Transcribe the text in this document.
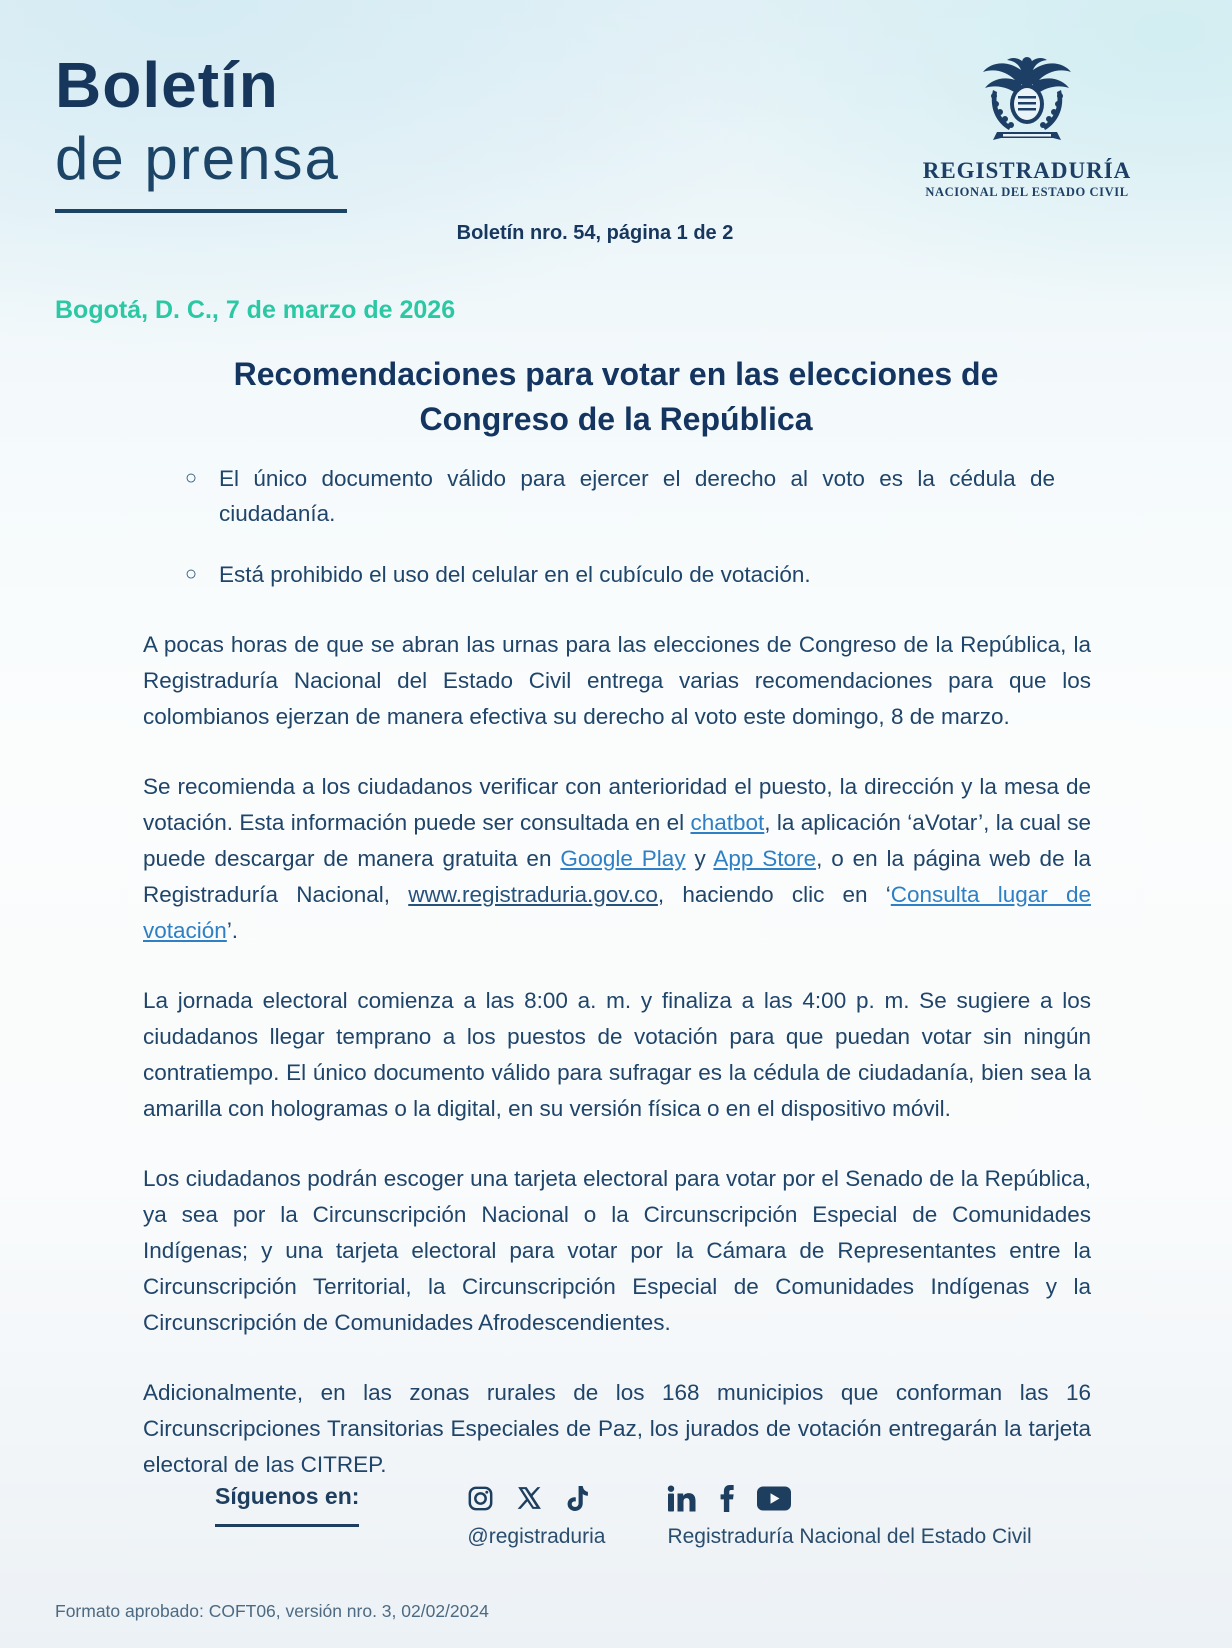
Boletín
de prensa	REGISTRADURÍA
NACIONAL DEL ESTADO CIVIL
Boletín nro. 54, página 1 de 2
Bogotá, D. C., 7 de marzo de 2026
Recomendaciones para votar en las elecciones de
Congreso de la República
○ El único documento válido para ejercer el derecho al voto es la cédula de ciudadanía.
○ Está prohibido el uso del celular en el cubículo de votación.

A pocas horas de que se abran las urnas para las elecciones de Congreso de la República, la Registraduría Nacional del Estado Civil entrega varias recomendaciones para que los colombianos ejerzan de manera efectiva su derecho al voto este domingo, 8 de marzo.

Se recomienda a los ciudadanos verificar con anterioridad el puesto, la dirección y la mesa de votación. Esta información puede ser consultada en el chatbot, la aplicación ‘aVotar’, la cual se puede descargar de manera gratuita en Google Play y App Store, o en la página web de la Registraduría Nacional, www.registraduria.gov.co, haciendo clic en ‘Consulta lugar de votación’.

La jornada electoral comienza a las 8:00 a. m. y finaliza a las 4:00 p. m. Se sugiere a los ciudadanos llegar temprano a los puestos de votación para que puedan votar sin ningún contratiempo. El único documento válido para sufragar es la cédula de ciudadanía, bien sea la amarilla con hologramas o la digital, en su versión física o en el dispositivo móvil.

Los ciudadanos podrán escoger una tarjeta electoral para votar por el Senado de la República, ya sea por la Circunscripción Nacional o la Circunscripción Especial de Comunidades Indígenas; y una tarjeta electoral para votar por la Cámara de Representantes entre la Circunscripción Territorial, la Circunscripción Especial de Comunidades Indígenas y la Circunscripción de Comunidades Afrodescendientes.

Adicionalmente, en las zonas rurales de los 168 municipios que conforman las 16 Circunscripciones Transitorias Especiales de Paz, los jurados de votación entregarán la tarjeta electoral de las CITREP.

Síguenos en:
@registraduria	Registraduría Nacional del Estado Civil
Formato aprobado: COFT06, versión nro. 3, 02/02/2024
